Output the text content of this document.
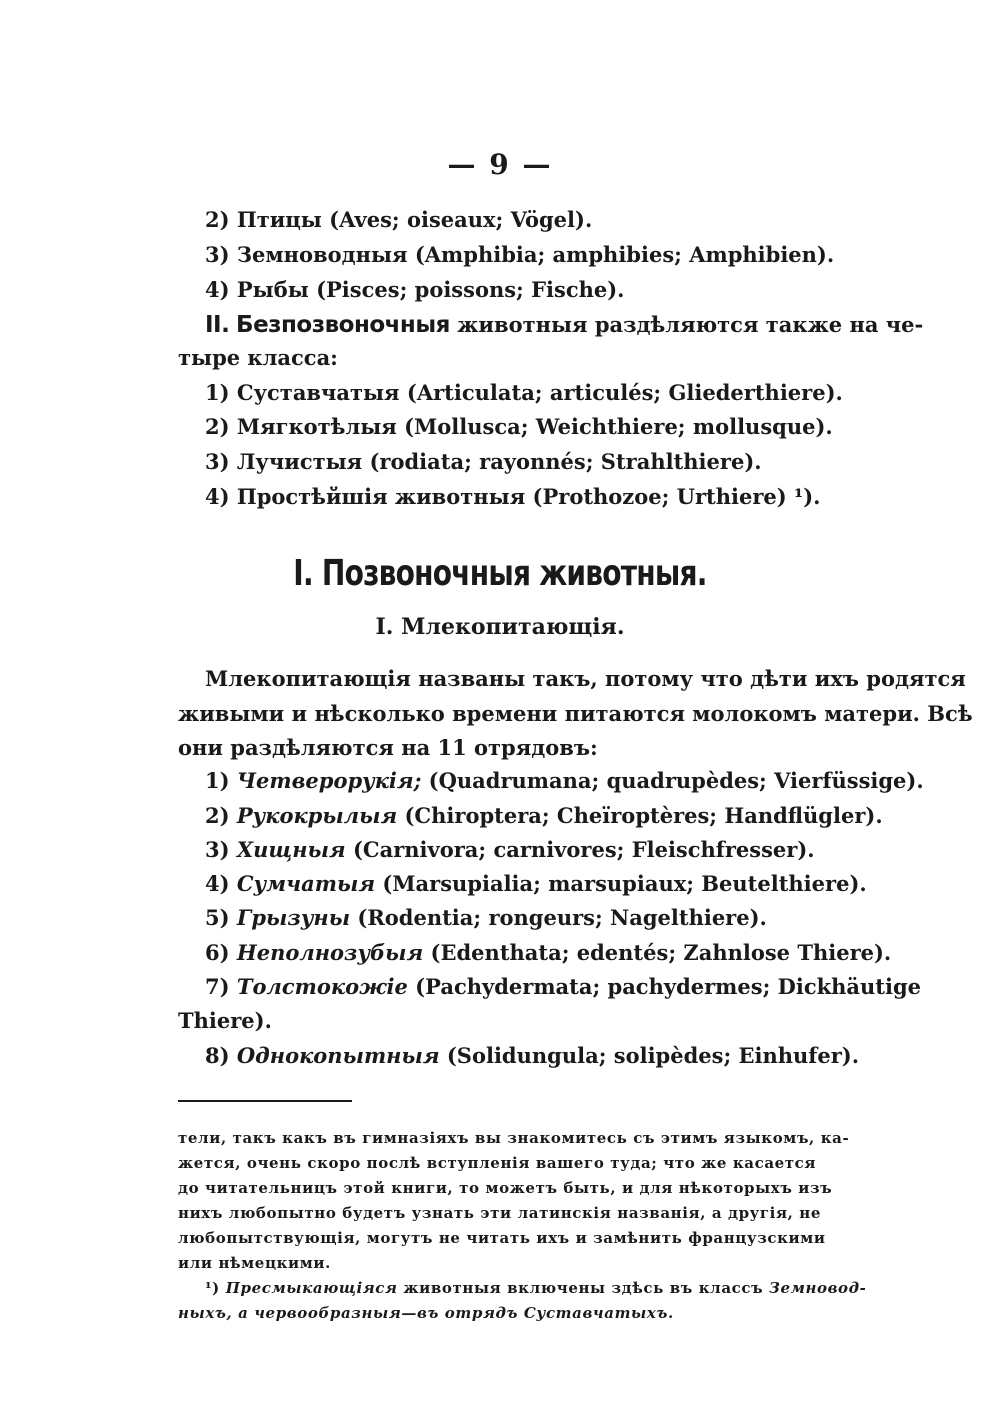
— 9 —
2) Птицы (Aves; oiseaux; Vögel).
3) Земноводныя (Amphibia; amphibies; Amphibien).
4) Рыбы (Pisces; poissons; Fische).
II. Безпозвоночныя животныя раздѣляются также на че-
тыре класса:
1) Суставчатыя (Articulata; articulés; Gliederthiere).
2) Мягкотѣлыя (Mollusca; Weichthiere; mollusque).
3) Лучистыя (rodiata; rayonnés; Strahlthiere).
4) Простѣйшія животныя (Prothozoe; Urthiere) ¹).
I. Позвоночныя животныя.
I. Млекопитающія.
Млекопитающія названы такъ, потому что дѣти ихъ родятся
живыми и нѣсколько времени питаются молокомъ матери. Всѣ
они раздѣляются на 11 отрядовъ:
1) Четверорукія; (Quadrumana; quadrupèdes; Vierfüssige).
2) Рукокрылыя (Chiroptera; Cheïroptères; Handflügler).
3) Хищныя (Carnivora; carnivores; Fleischfresser).
4) Сумчатыя (Marsupialia; marsupiaux; Beutelthiere).
5) Грызуны (Rodentia; rongeurs; Nagelthiere).
6) Неполнозубыя (Edenthata; edentés; Zahnlose Thiere).
7) Толстокожіе (Pachydermata; pachydermes; Dickhäutige
Thiere).
8) Однокопытныя (Solidungula; solipèdes; Einhufer).
тели, такъ какъ въ гимназіяхъ вы знакомитесь съ этимъ языкомъ, ка-
жется, очень скоро послѣ вступленія вашего туда; что же касается
до читательницъ этой книги, то можетъ быть, и для нѣкоторыхъ изъ
нихъ любопытно будетъ узнать эти латинскія названія, а другія, не
любопытствующія, могутъ не читать ихъ и замѣнить французскими
или нѣмецкими.
¹) Пресмыкающіяся животныя включены здѣсь въ классъ Земновод-
ныхъ, а червообразныя—въ отрядъ Суставчатыхъ.
